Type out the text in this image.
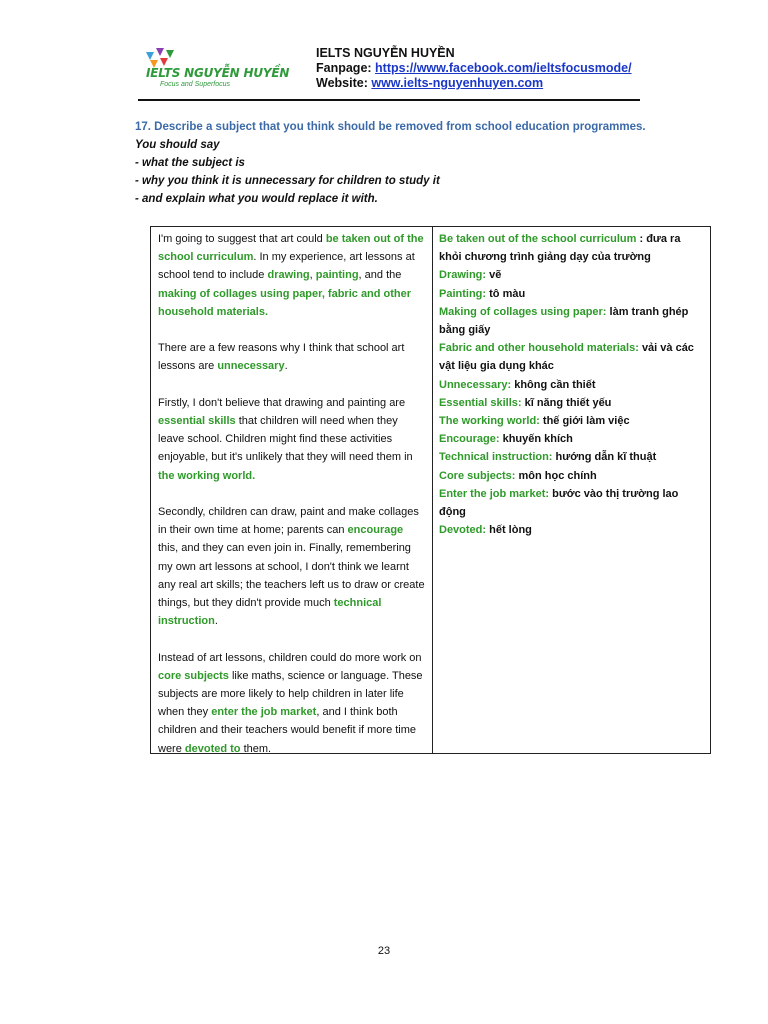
IELTS NGUYỄN HUYỀN
Focus and Superfocus
IELTS NGUYỄN HUYỀN
Fanpage: https://www.facebook.com/ieltsfocusmode/
Website: www.ielts-nguyenhuyen.com
17. Describe a subject that you think should be removed from school education programmes.
You should say
- what the subject is
- why you think it is unnecessary for children to study it
- and explain what you would replace it with.

I'm going to suggest that art could be taken out of the school curriculum. In my experience, art lessons at school tend to include drawing, painting, and the making of collages using paper, fabric and other household materials.

There are a few reasons why I think that school art lessons are unnecessary.

Firstly, I don't believe that drawing and painting are essential skills that children will need when they leave school. Children might find these activities enjoyable, but it's unlikely that they will need them in the working world.

Secondly, children can draw, paint and make collages in their own time at home; parents can encourage this, and they can even join in. Finally, remembering my own art lessons at school, I don't think we learnt any real art skills; the teachers left us to draw or create things, but they didn't provide much technical instruction.

Instead of art lessons, children could do more work on core subjects like maths, science or language. These subjects are more likely to help children in later life when they enter the job market, and I think both children and their teachers would benefit if more time were devoted to them.

Be taken out of the school curriculum : đưa ra khỏi chương trình giảng dạy của trường
Drawing: vẽ
Painting: tô màu
Making of collages using paper: làm tranh ghép bằng giấy
Fabric and other household materials: vải và các vật liệu gia dụng khác
Unnecessary: không cần thiết
Essential skills: kĩ năng thiết yếu
The working world: thế giới làm việc
Encourage: khuyến khích
Technical instruction: hướng dẫn kĩ thuật
Core subjects: môn học chính
Enter the job market: bước vào thị trường lao động
Devoted: hết lòng
23
